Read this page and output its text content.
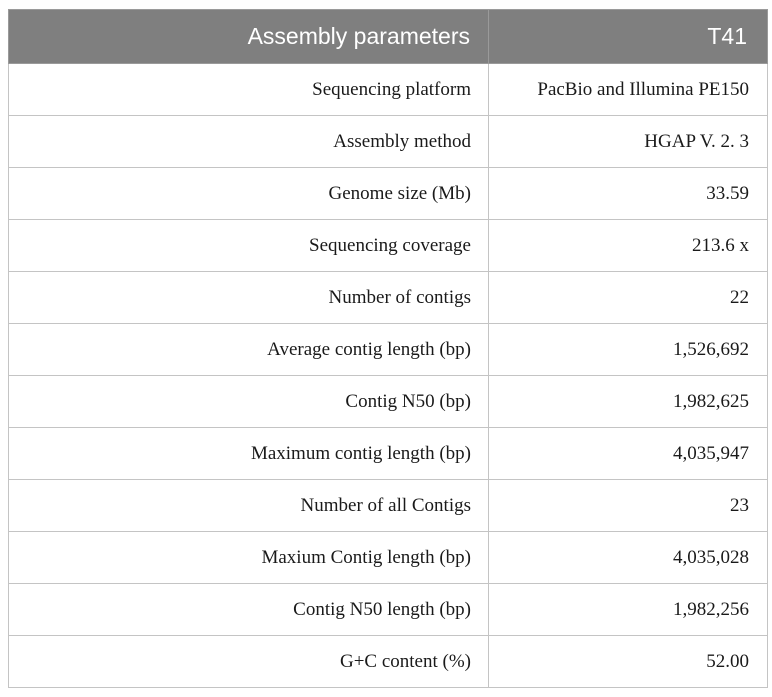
Assembly parameters	T41
Sequencing platform	PacBio and Illumina PE150
Assembly method	HGAP V. 2. 3
Genome size (Mb)	33.59
Sequencing coverage	213.6 x
Number of contigs	22
Average contig length (bp)	1,526,692
Contig N50 (bp)	1,982,625
Maximum contig length (bp)	4,035,947
Number of all Contigs	23
Maxium Contig length (bp)	4,035,028
Contig N50 length (bp)	1,982,256
G+C content (%)	52.00
